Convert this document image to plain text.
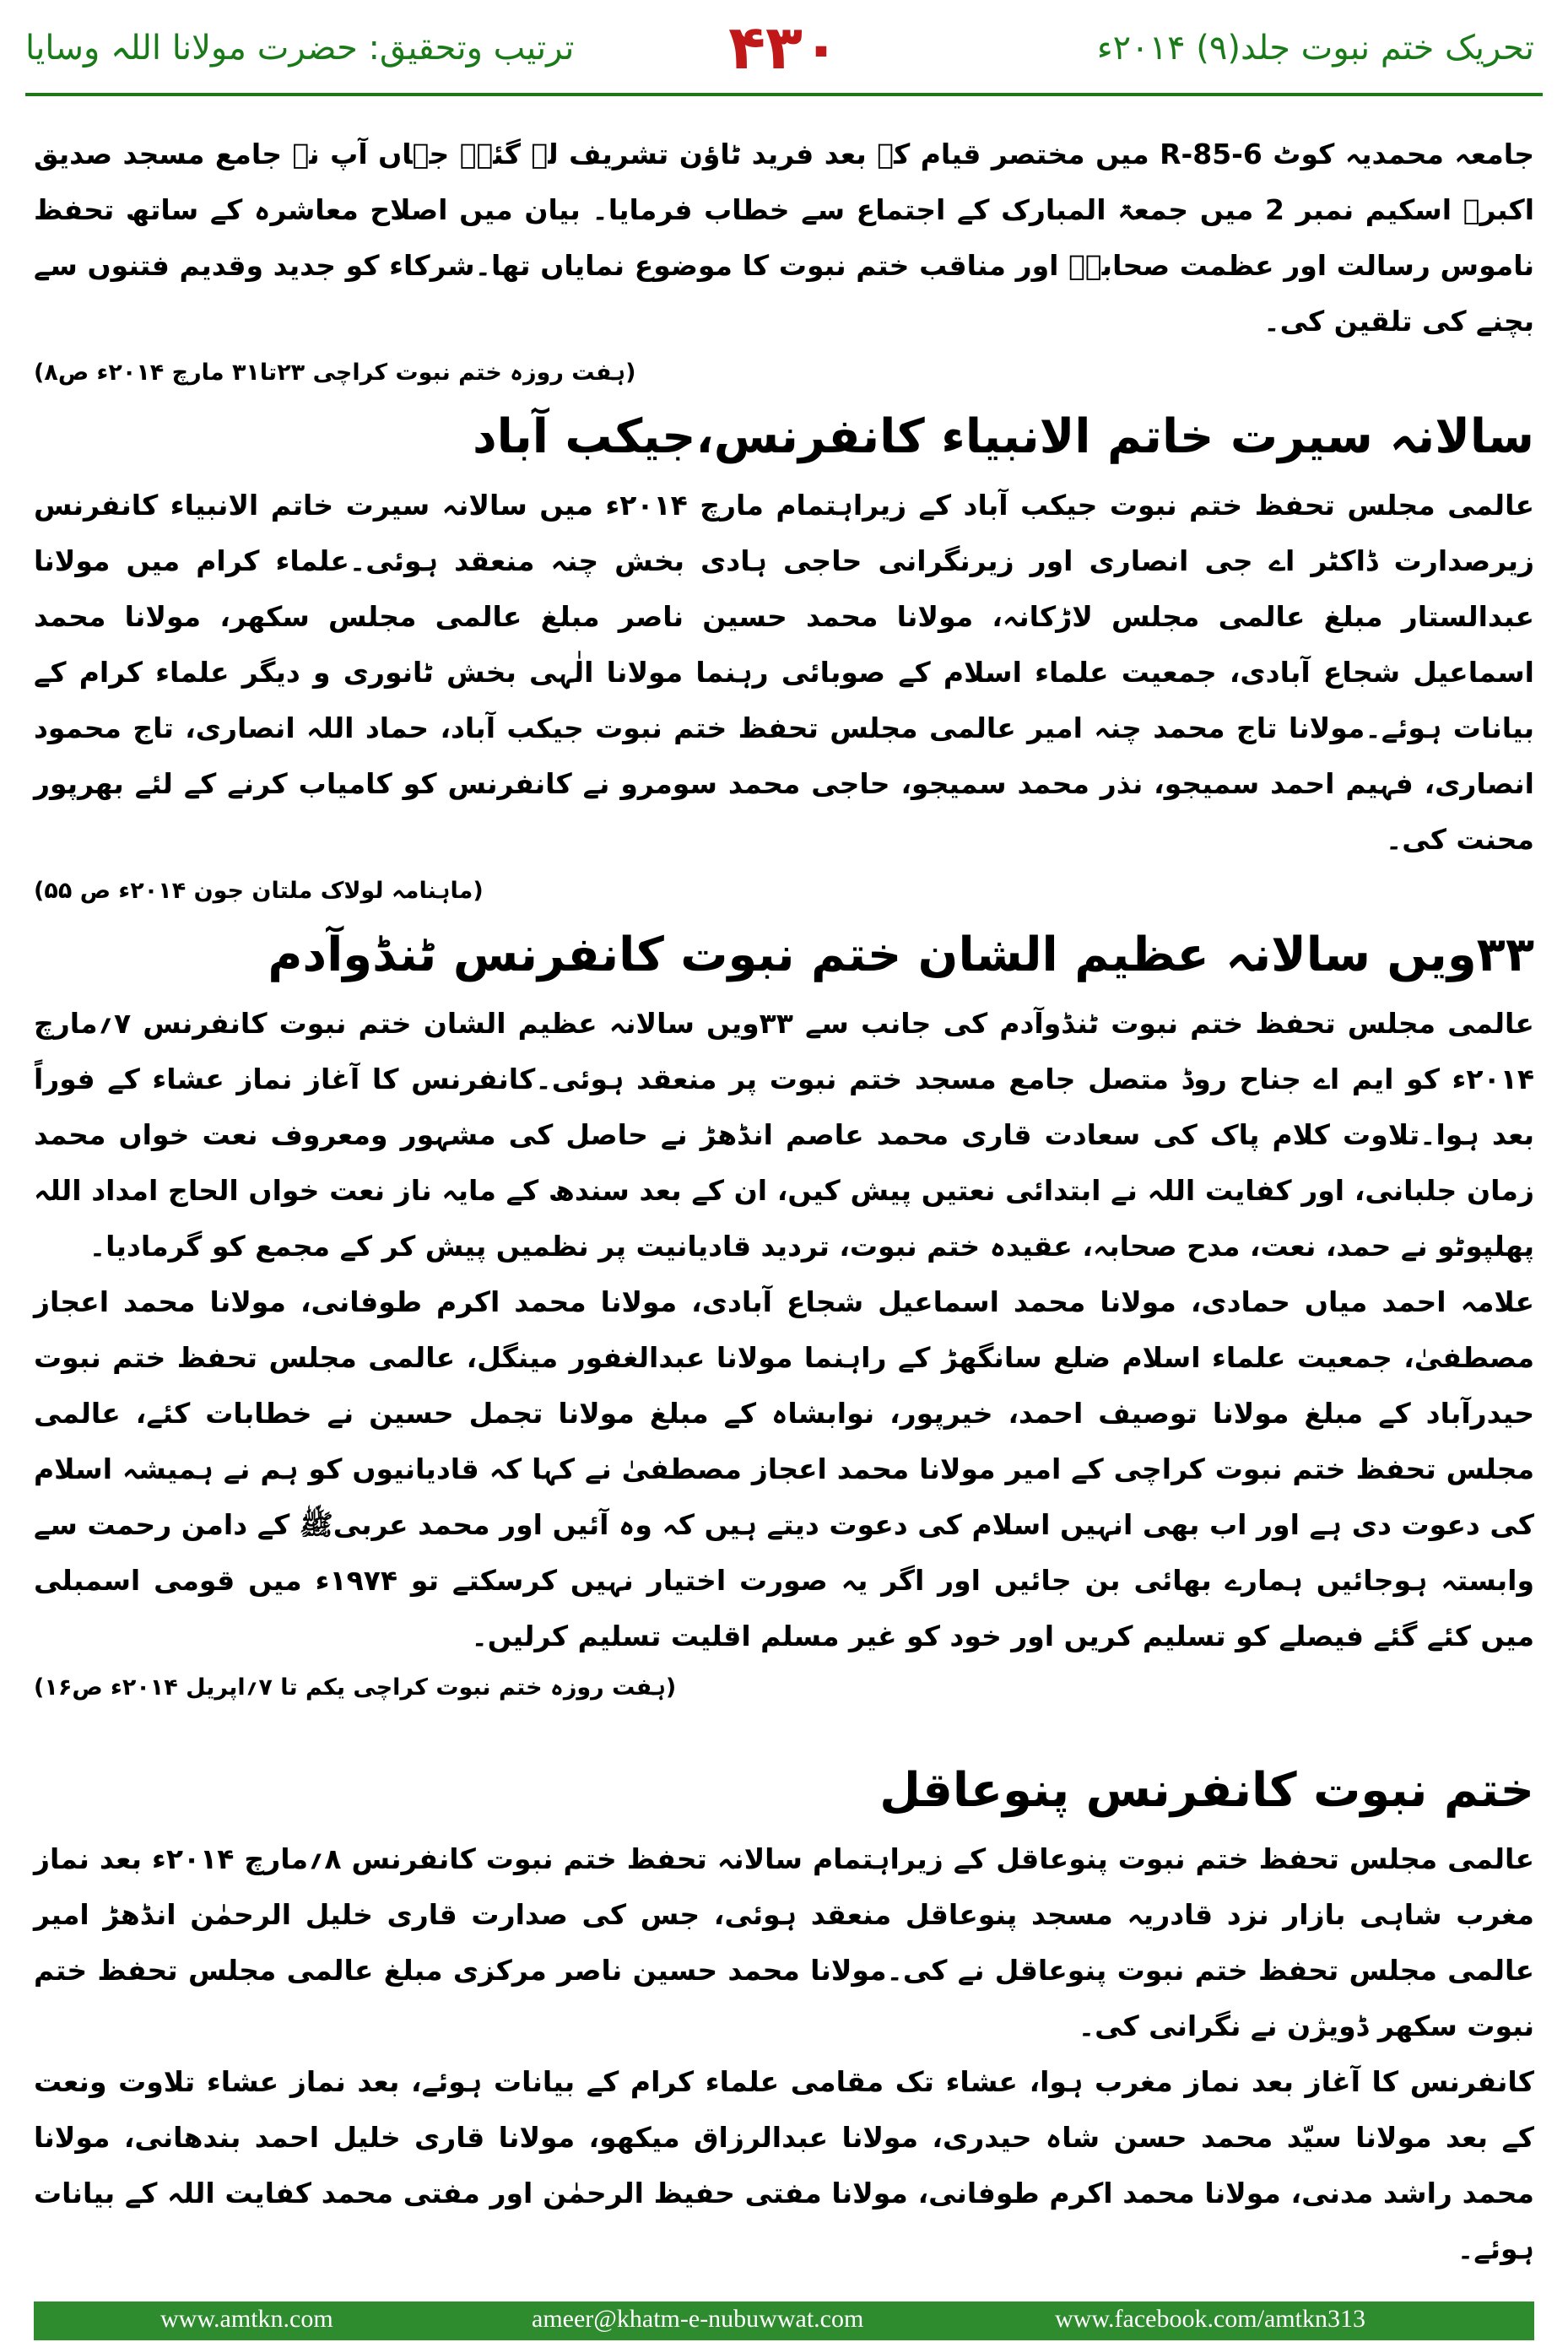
تحریک ختم نبوت جلد(۹) ۲۰۱۴ء
۴۳۰
ترتیب وتحقیق: حضرت مولانا اللہ وسایا

جامعہ محمدیہ کوٹ 6-R-85 میں مختصر قیام کے بعد فرید ٹاؤن تشریف لے گئے۔ جہاں آپ نے جامع مسجد صدیق اکبرؓ اسکیم نمبر 2 میں جمعۃ المبارک کے اجتماع سے خطاب فرمایا۔ بیان میں اصلاح معاشرہ کے ساتھ تحفظ ناموس رسالت اور عظمت صحابہؓ اور مناقب ختم نبوت کا موضوع نمایاں تھا۔شرکاء کو جدید وقدیم فتنوں سے بچنے کی تلقین کی۔

(ہفت روزہ ختم نبوت کراچی ۲۳تا۳۱ مارچ ۲۰۱۴ء ص۸)

سالانہ سیرت خاتم الانبیاء کانفرنس،جیکب آباد

عالمی مجلس تحفظ ختم نبوت جیکب آباد کے زیراہتمام مارچ ۲۰۱۴ء میں سالانہ سیرت خاتم الانبیاء کانفرنس زیرصدارت ڈاکٹر اے جی انصاری اور زیرنگرانی حاجی ہادی بخش چنہ منعقد ہوئی۔علماء کرام میں مولانا عبدالستار مبلغ عالمی مجلس لاڑکانہ، مولانا محمد حسین ناصر مبلغ عالمی مجلس سکھر، مولانا محمد اسماعیل شجاع آبادی، جمعیت علماء اسلام کے صوبائی رہنما مولانا الٰہی بخش ٹانوری و دیگر علماء کرام کے بیانات ہوئے۔مولانا تاج محمد چنہ امیر عالمی مجلس تحفظ ختم نبوت جیکب آباد، حماد اللہ انصاری، تاج محمود انصاری، فہیم احمد سمیجو، نذر محمد سمیجو، حاجی محمد سومرو نے کانفرنس کو کامیاب کرنے کے لئے بھرپور محنت کی۔

(ماہنامہ لولاک ملتان جون ۲۰۱۴ء ص ۵۵)

۳۳ویں سالانہ عظیم الشان ختم نبوت کانفرنس ٹنڈوآدم

عالمی مجلس تحفظ ختم نبوت ٹنڈوآدم کی جانب سے ۳۳ویں سالانہ عظیم الشان ختم نبوت کانفرنس ۷؍مارچ ۲۰۱۴ء کو ایم اے جناح روڈ متصل جامع مسجد ختم نبوت پر منعقد ہوئی۔کانفرنس کا آغاز نماز عشاء کے فوراً بعد ہوا۔تلاوت کلام پاک کی سعادت قاری محمد عاصم انڈھڑ نے حاصل کی مشہور ومعروف نعت خواں محمد زمان جلبانی، اور کفایت اللہ نے ابتدائی نعتیں پیش کیں، ان کے بعد سندھ کے مایہ ناز نعت خواں الحاج امداد اللہ پھلپوٹو نے حمد، نعت، مدح صحابہ، عقیدہ ختم نبوت، تردید قادیانیت پر نظمیں پیش کر کے مجمع کو گرمادیا۔

علامہ احمد میاں حمادی، مولانا محمد اسماعیل شجاع آبادی، مولانا محمد اکرم طوفانی، مولانا محمد اعجاز مصطفیٰ، جمعیت علماء اسلام ضلع سانگھڑ کے راہنما مولانا عبدالغفور مینگل، عالمی مجلس تحفظ ختم نبوت حیدرآباد کے مبلغ مولانا توصیف احمد، خیرپور، نوابشاہ کے مبلغ مولانا تجمل حسین نے خطابات کئے، عالمی مجلس تحفظ ختم نبوت کراچی کے امیر مولانا محمد اعجاز مصطفیٰ نے کہا کہ قادیانیوں کو ہم نے ہمیشہ اسلام کی دعوت دی ہے اور اب بھی انہیں اسلام کی دعوت دیتے ہیں کہ وہ آئیں اور محمد عربیﷺ کے دامن رحمت سے وابستہ ہوجائیں ہمارے بھائی بن جائیں اور اگر یہ صورت اختیار نہیں کرسکتے تو ۱۹۷۴ء میں قومی اسمبلی میں کئے گئے فیصلے کو تسلیم کریں اور خود کو غیر مسلم اقلیت تسلیم کرلیں۔

(ہفت روزہ ختم نبوت کراچی یکم تا ۷؍اپریل ۲۰۱۴ء ص۱۶)

ختم نبوت کانفرنس پنوعاقل

عالمی مجلس تحفظ ختم نبوت پنوعاقل کے زیراہتمام سالانہ تحفظ ختم نبوت کانفرنس ۸؍مارچ ۲۰۱۴ء بعد نماز مغرب شاہی بازار نزد قادریہ مسجد پنوعاقل منعقد ہوئی، جس کی صدارت قاری خلیل الرحمٰن انڈھڑ امیر عالمی مجلس تحفظ ختم نبوت پنوعاقل نے کی۔مولانا محمد حسین ناصر مرکزی مبلغ عالمی مجلس تحفظ ختم نبوت سکھر ڈویژن نے نگرانی کی۔

کانفرنس کا آغاز بعد نماز مغرب ہوا، عشاء تک مقامی علماء کرام کے بیانات ہوئے، بعد نماز عشاء تلاوت ونعت کے بعد مولانا سیّد محمد حسن شاہ حیدری، مولانا عبدالرزاق میکھو، مولانا قاری خلیل احمد بندھانی، مولانا محمد راشد مدنی، مولانا محمد اکرم طوفانی، مولانا مفتی حفیظ الرحمٰن اور مفتی محمد کفایت اللہ کے بیانات ہوئے۔

www.amtkn.com	ameer@khatm-e-nubuwwat.com	www.facebook.com/amtkn313
